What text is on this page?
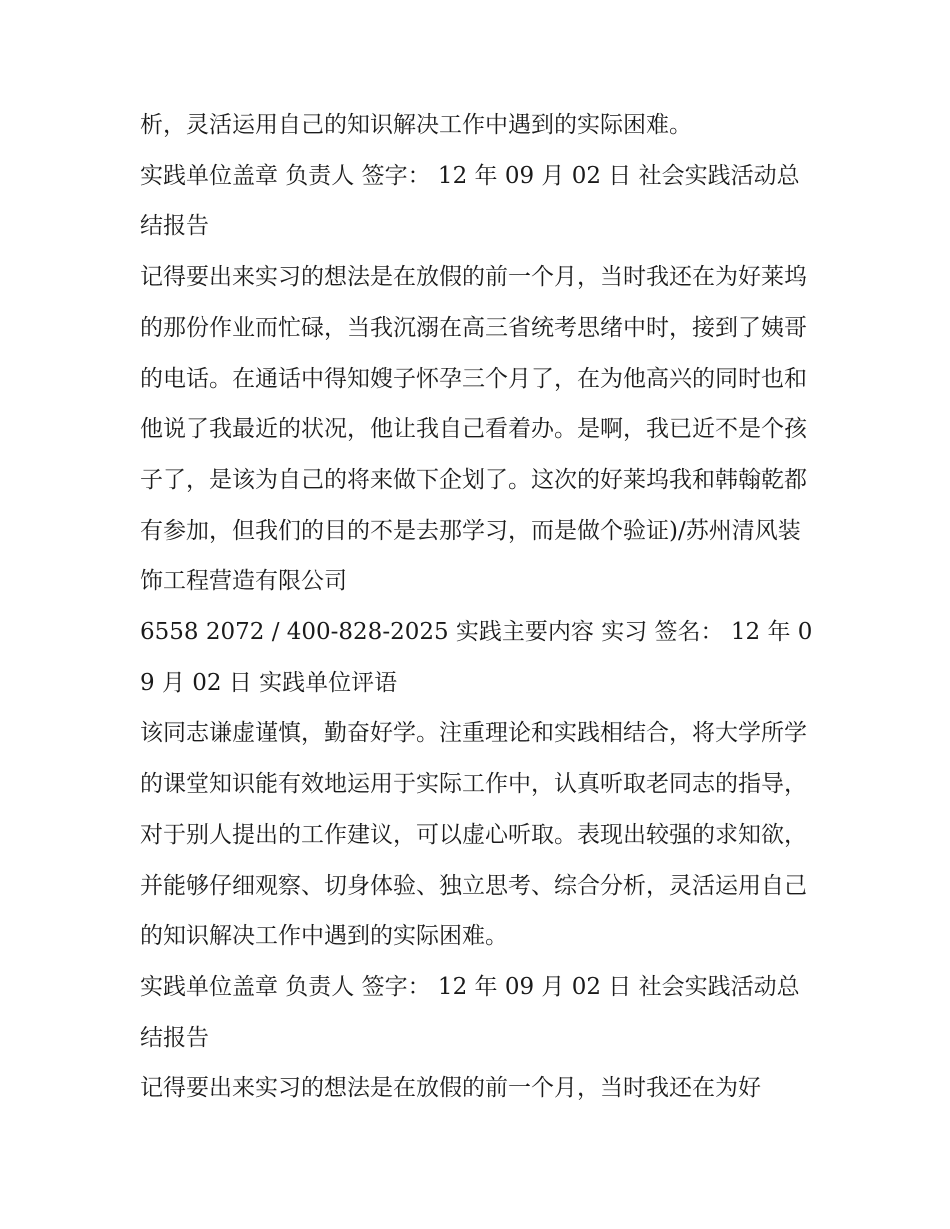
析，灵活运用自己的知识解决工作中遇到的实际困难。

实践单位盖章 负责人 签字： 12 年 09 月 02 日 社会实践活动总结报告

记得要出来实习的想法是在放假的前一个月，当时我还在为好莱坞的那份作业而忙碌，当我沉溺在高三省统考思绪中时，接到了姨哥的电话。在通话中得知嫂子怀孕三个月了，在为他高兴的同时也和他说了我最近的状况，他让我自己看着办。是啊，我已近不是个孩子了，是该为自己的将来做下企划了。这次的好莱坞我和韩翰乾都有参加，但我们的目的不是去那学习，而是做个验证)/苏州清风装饰工程营造有限公司

6558 2072 / 400-828-2025 实践主要内容 实习 签名： 12 年 09 月 02 日 实践单位评语

该同志谦虚谨慎，勤奋好学。注重理论和实践相结合，将大学所学的课堂知识能有效地运用于实际工作中，认真听取老同志的指导，对于别人提出的工作建议，可以虚心听取。表现出较强的求知欲，并能够仔细观察、切身体验、独立思考、综合分析，灵活运用自己的知识解决工作中遇到的实际困难。

实践单位盖章 负责人 签字： 12 年 09 月 02 日 社会实践活动总结报告

记得要出来实习的想法是在放假的前一个月，当时我还在为好
